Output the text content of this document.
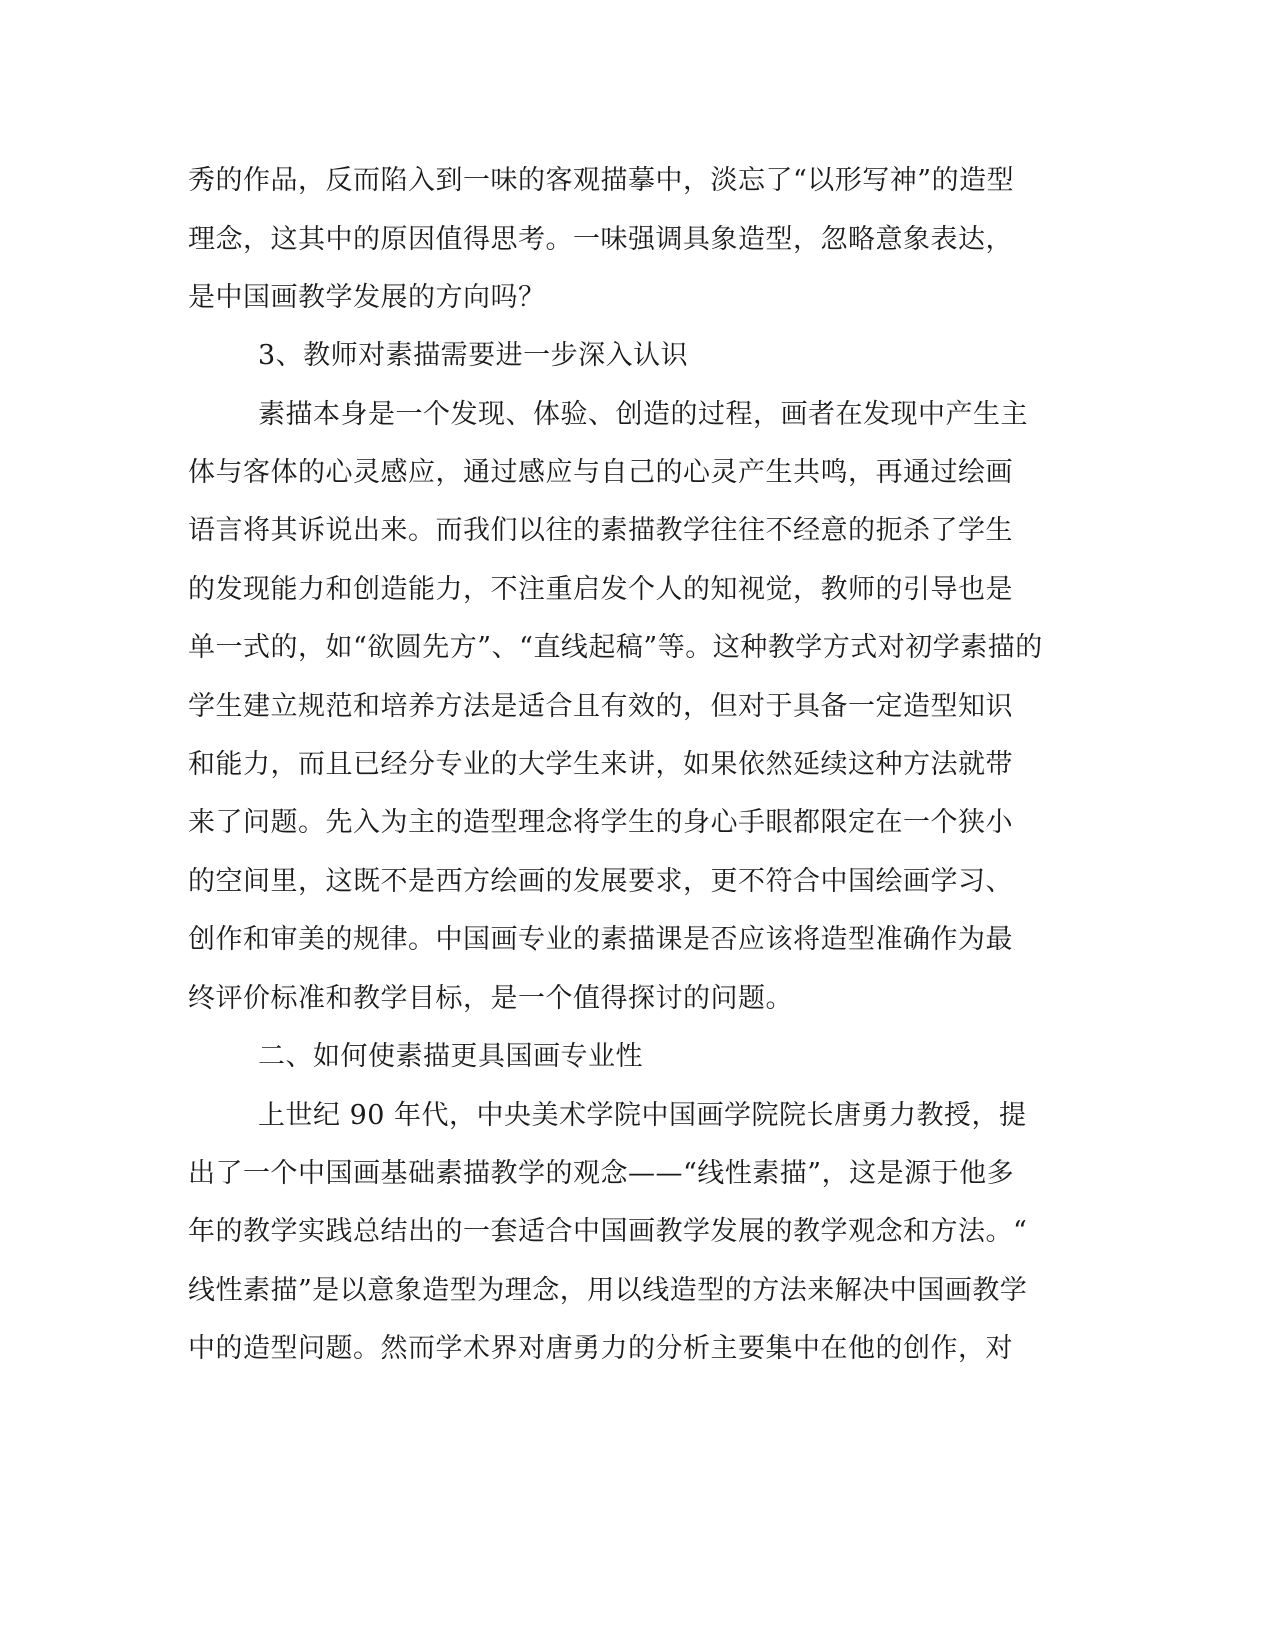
秀的作品，反而陷入到一味的客观描摹中，淡忘了“以形写神”的造型
理念，这其中的原因值得思考。一味强调具象造型，忽略意象表达，
是中国画教学发展的方向吗？
3、教师对素描需要进一步深入认识
素描本身是一个发现、体验、创造的过程，画者在发现中产生主
体与客体的心灵感应，通过感应与自己的心灵产生共鸣，再通过绘画
语言将其诉说出来。而我们以往的素描教学往往不经意的扼杀了学生
的发现能力和创造能力，不注重启发个人的知视觉，教师的引导也是
单一式的，如“欲圆先方”、“直线起稿”等。这种教学方式对初学素描的
学生建立规范和培养方法是适合且有效的，但对于具备一定造型知识
和能力，而且已经分专业的大学生来讲，如果依然延续这种方法就带
来了问题。先入为主的造型理念将学生的身心手眼都限定在一个狭小
的空间里，这既不是西方绘画的发展要求，更不符合中国绘画学习、
创作和审美的规律。中国画专业的素描课是否应该将造型准确作为最
终评价标准和教学目标，是一个值得探讨的问题。
二、如何使素描更具国画专业性
上世纪 90 年代，中央美术学院中国画学院院长唐勇力教授，提
出了一个中国画基础素描教学的观念——“线性素描”，这是源于他多
年的教学实践总结出的一套适合中国画教学发展的教学观念和方法。“
线性素描”是以意象造型为理念，用以线造型的方法来解决中国画教学
中的造型问题。然而学术界对唐勇力的分析主要集中在他的创作，对
